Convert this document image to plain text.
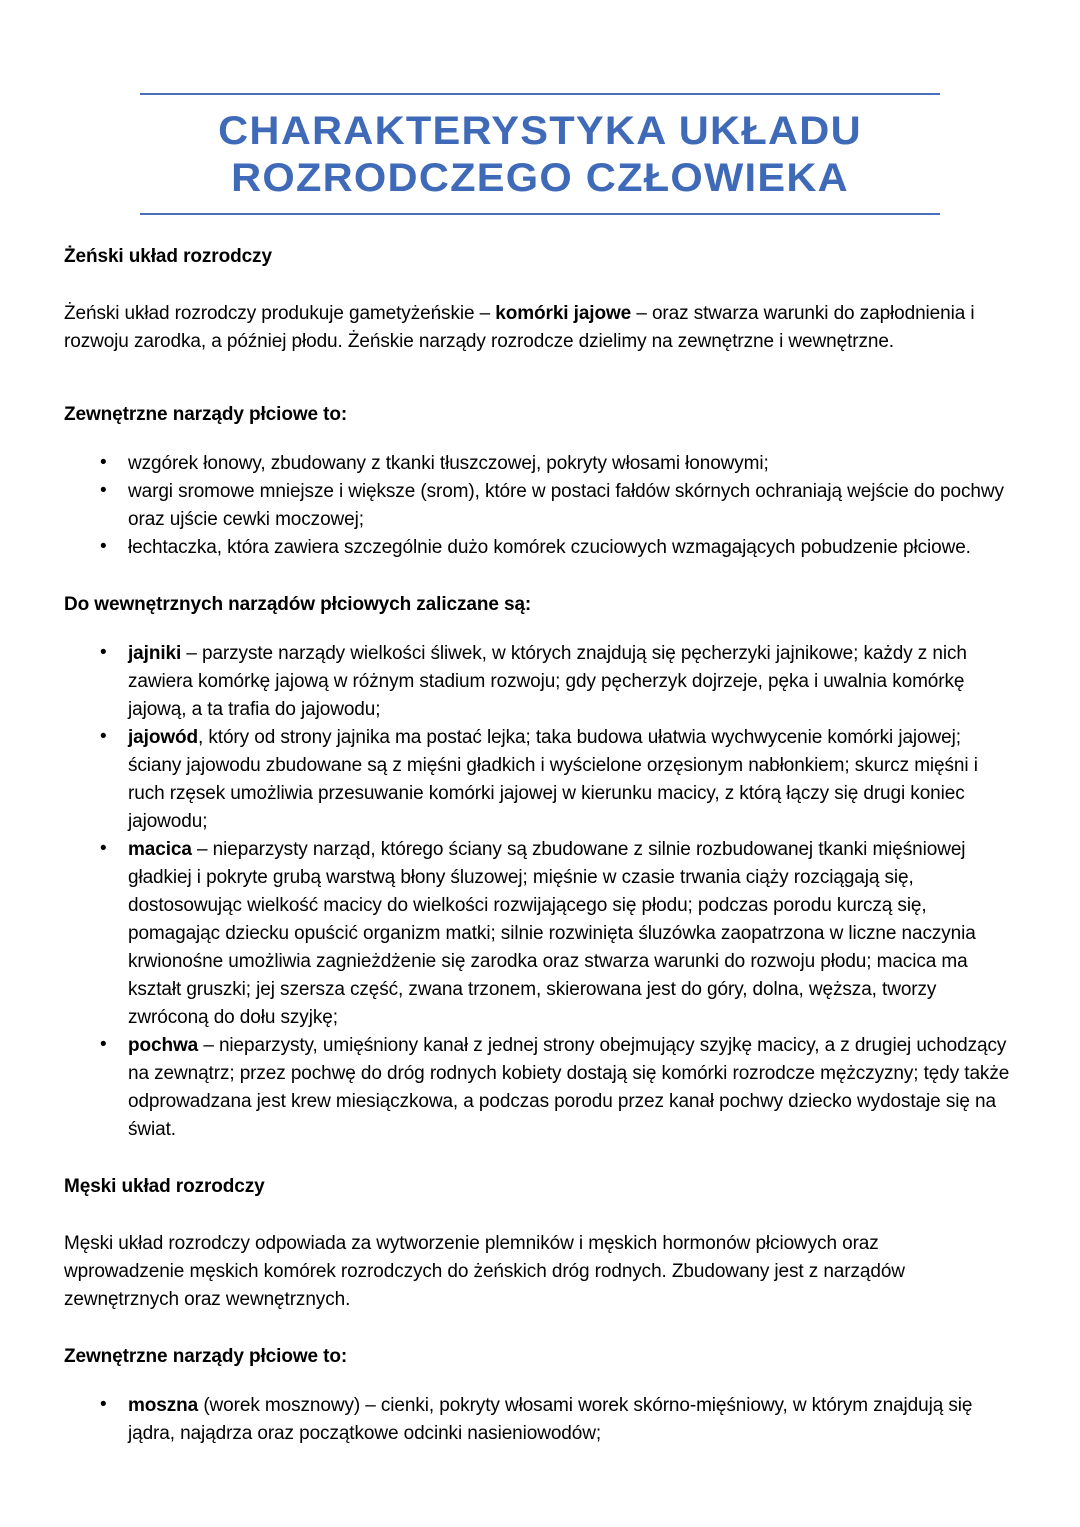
CHARAKTERYSTYKA UKŁADU
ROZRODCZEGO CZŁOWIEKA
Żeński układ rozrodczy

Żeński układ rozrodczy produkuje gametyżeńskie – komórki jajowe – oraz stwarza warunki do zapłodnienia i rozwoju zarodka, a później płodu. Żeńskie narządy rozrodcze dzielimy na zewnętrzne i wewnętrzne.

Zewnętrzne narządy płciowe to:
• wzgórek łonowy, zbudowany z tkanki tłuszczowej, pokryty włosami łonowymi;
• wargi sromowe mniejsze i większe (srom), które w postaci fałdów skórnych ochraniają wejście do pochwy oraz ujście cewki moczowej;
• łechtaczka, która zawiera szczególnie dużo komórek czuciowych wzmagających pobudzenie płciowe.
Do wewnętrznych narządów płciowych zaliczane są:
• jajniki – parzyste narządy wielkości śliwek, w których znajdują się pęcherzyki jajnikowe; każdy z nich zawiera komórkę jajową w różnym stadium rozwoju; gdy pęcherzyk dojrzeje, pęka i uwalnia komórkę jajową, a ta trafia do jajowodu;
• jajowód, który od strony jajnika ma postać lejka; taka budowa ułatwia wychwycenie komórki jajowej; ściany jajowodu zbudowane są z mięśni gładkich i wyścielone orzęsionym nabłonkiem; skurcz mięśni i ruch rzęsek umożliwia przesuwanie komórki jajowej w kierunku macicy, z którą łączy się drugi koniec jajowodu;
• macica – nieparzysty narząd, którego ściany są zbudowane z silnie rozbudowanej tkanki mięśniowej gładkiej i pokryte grubą warstwą błony śluzowej; mięśnie w czasie trwania ciąży rozciągają się, dostosowując wielkość macicy do wielkości rozwijającego się płodu; podczas porodu kurczą się, pomagając dziecku opuścić organizm matki; silnie rozwinięta śluzówka zaopatrzona w liczne naczynia krwionośne umożliwia zagnieżdżenie się zarodka oraz stwarza warunki do rozwoju płodu; macica ma kształt gruszki; jej szersza część, zwana trzonem, skierowana jest do góry, dolna, węższa, tworzy zwróconą do dołu szyjkę;
• pochwa – nieparzysty, umięśniony kanał z jednej strony obejmujący szyjkę macicy, a z drugiej uchodzący na zewnątrz; przez pochwę do dróg rodnych kobiety dostają się komórki rozrodcze mężczyzny; tędy także odprowadzana jest krew miesiączkowa, a podczas porodu przez kanał pochwy dziecko wydostaje się na świat.
Męski układ rozrodczy

Męski układ rozrodczy odpowiada za wytworzenie plemników i męskich hormonów płciowych oraz wprowadzenie męskich komórek rozrodczych do żeńskich dróg rodnych. Zbudowany jest z narządów zewnętrznych oraz wewnętrznych.

Zewnętrzne narządy płciowe to:
• moszna (worek mosznowy) – cienki, pokryty włosami worek skórno-mięśniowy, w którym znajdują się jądra, najądrza oraz początkowe odcinki nasieniowodów;
